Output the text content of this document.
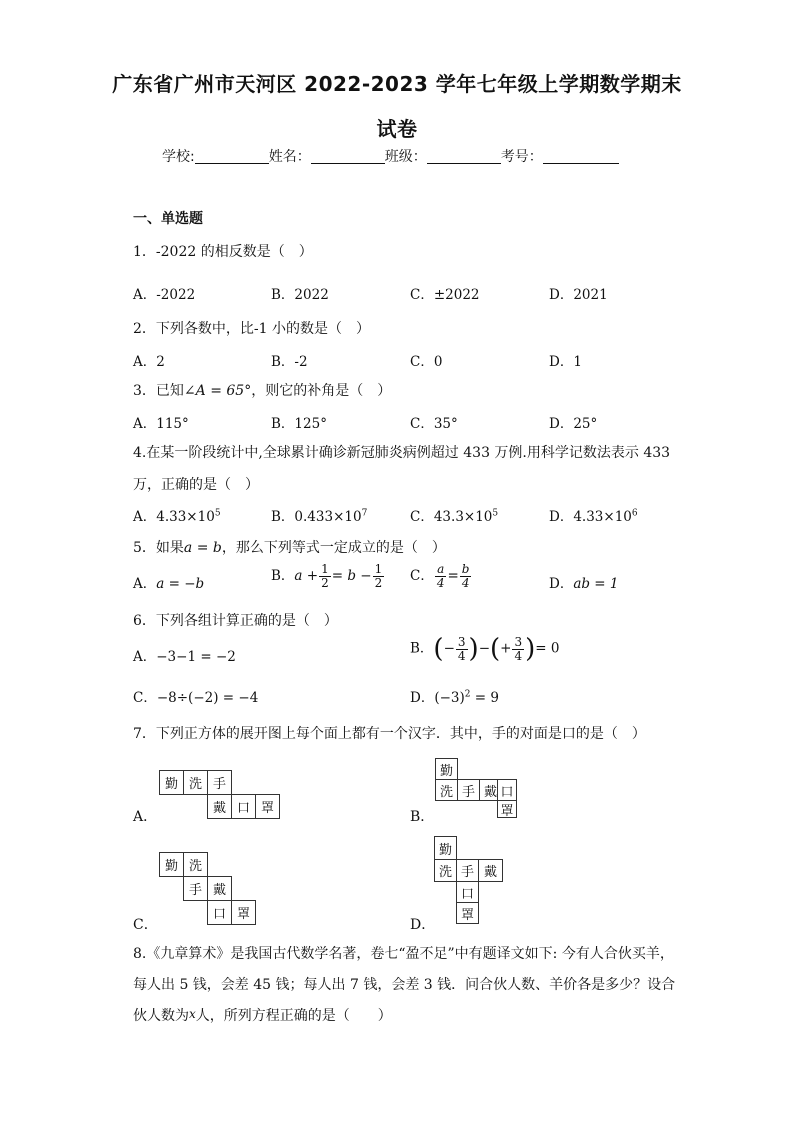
广东省广州市天河区 2022-2023 学年七年级上学期数学期末
试卷
学校:	姓名：	班级：	考号：
一、单选题
1．-2022 的相反数是（　）
A．-2022	B．2022	C．±2022	D．2021
2．下列各数中，比-1 小的数是（　）
A．2	B．-2	C．0	D．1
3．已知∠A = 65°，则它的补角是（　）
A．115°	B．125°	C．35°	D．25°
4.在某一阶段统计中,全球累计确诊新冠肺炎病例超过 433 万例.用科学记数法表示 433
万，正确的是（　）
A．$4.33\times 10^5$	B．$0.433\times 10^7$	C．$43.3\times 10^5$	D．$4.33\times 10^6$
5．如果a = b，那么下列等式一定成立的是（　）
A．a = −b	B．$a + \frac{1}{2} = b - \frac{1}{2}$ C． $\frac{a}{4} = \frac{b}{4}$	D．ab = 1
6．下列各组计算正确的是（　）
A．−3−1 = −2
B．(− $\frac{3}{4}$ )−(+ $\frac{3}{4}$ )= 0
C．−8÷(−2) = −4	D．$(-3)^2 = 9$
7．下列正方体的展开图上每个面上都有一个汉字．其中，手的对面是口的是（　）
A．
勤 洗 手
戴 口 罩
B．
勤
洗 手 戴 口
罩
C．
勤 洗
手 戴
口 罩
D．
勤
洗 手 戴
口
罩
8.《九章算术》是我国古代数学名著，卷七“盈不足”中有题译文如下: 今有人合伙买羊，
每人出 5 钱，会差 45 钱；每人出 7 钱，会差 3 钱．问合伙人数、羊价各是多少？设合
伙人数为x人，所列方程正确的是（　　）
